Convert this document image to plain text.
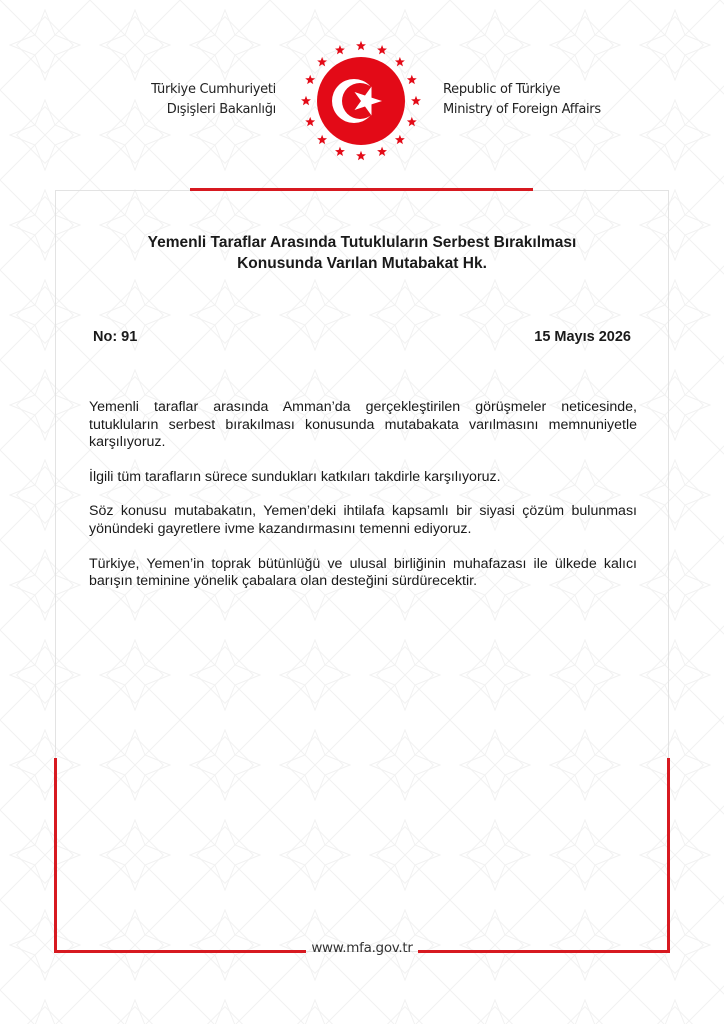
Türkiye Cumhuriyeti
Dışişleri Bakanlığı
Republic of Türkiye
Ministry of Foreign Affairs
Yemenli Taraflar Arasında Tutukluların Serbest Bırakılması
Konusunda Varılan Mutabakat Hk.
No: 91	15 Mayıs 2026

Yemenli taraflar arasında Amman’da gerçekleştirilen görüşmeler neticesinde, tutukluların serbest bırakılması konusunda mutabakata varılmasını memnuniyetle karşılıyoruz.

İlgili tüm tarafların sürece sundukları katkıları takdirle karşılıyoruz.

Söz konusu mutabakatın, Yemen’deki ihtilafa kapsamlı bir siyasi çözüm bulunması yönündeki gayretlere ivme kazandırmasını temenni ediyoruz.

Türkiye, Yemen’in toprak bütünlüğü ve ulusal birliğinin muhafazası ile ülkede kalıcı barışın teminine yönelik çabalara olan desteğini sürdürecektir.

www.mfa.gov.tr
